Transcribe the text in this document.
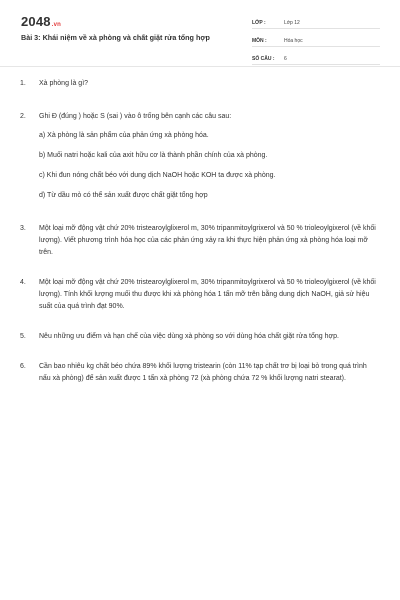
2048.vn
Bài 3: Khái niệm về xà phòng và chất giặt rửa tổng hợp
LỚP :	Lớp 12
MÔN :	Hóa học
SỐ CÂU :	6
1.	Xà phòng là gì?
2.	Ghi Đ (đúng ) hoặc S (sai ) vào ô trống bên cạnh các câu sau:
a) Xà phòng là sản phẩm của phản ứng xà phòng hóa.
b) Muối natri hoặc kali của axit hữu cơ là thành phần chính của xà phòng.
c) Khi đun nóng chất béo với dung dịch NaOH hoặc KOH ta được xà phòng.
d) Từ dầu mỏ có thể sản xuất được chất giặt tổng hợp
3.	Một loại mỡ động vật chứ 20% tristearoylglixerol m, 30% tripanmitoylgrixerol và 50 % trioleoylgixerol (về khối lượng). Viết phương trình hóa học của các phản ứng xảy ra khi thực hiện phản ứng xà phòng hóa loại mỡ trên.
4.	Một loại mỡ động vật chứ 20% tristearoylglixerol m, 30% tripanmitoylgrixerol và 50 % trioleoylgixerol (về khối lượng). Tính khối lượng muối thu được khi xà phòng hóa 1 tấn mỡ trên bằng dung dịch NaOH, giả sử hiệu suất của quá trình đạt 90%.
5.	Nêu những ưu điểm và hạn chế của việc dùng xà phòng so với dùng hóa chất giặt rửa tổng hợp.
6.	Cần bao nhiêu kg chất béo chứa 89% khối lượng tristearin (còn 11% tạp chất trơ bị loại bỏ trong quá trình nấu xà phòng) để sản xuất được 1 tấn xà phòng 72 (xà phòng chứa 72 % khối lượng natri stearat).
